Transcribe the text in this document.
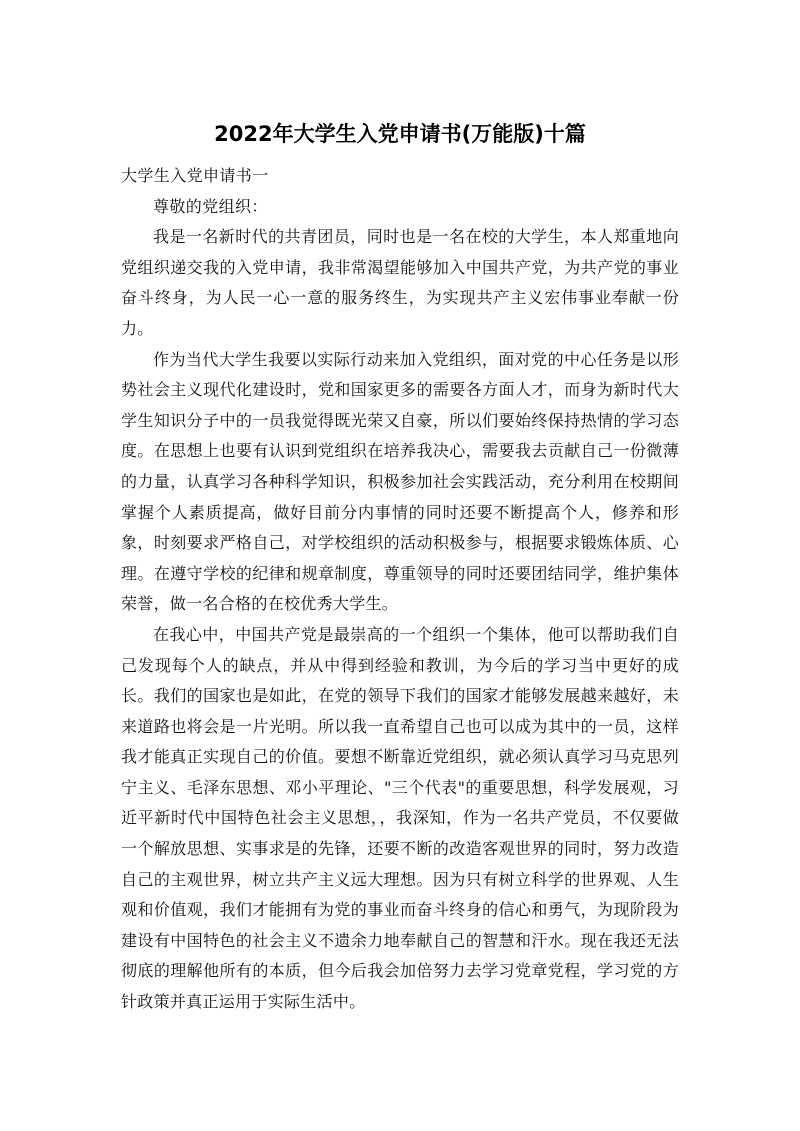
2022年大学生入党申请书(万能版)十篇

大学生入党申请书一

尊敬的党组织：

我是一名新时代的共青团员，同时也是一名在校的大学生，本人郑重地向党组织递交我的入党申请，我非常渴望能够加入中国共产党，为共产党的事业奋斗终身，为人民一心一意的服务终生，为实现共产主义宏伟事业奉献一份力。

作为当代大学生我要以实际行动来加入党组织，面对党的中心任务是以形势社会主义现代化建设时，党和国家更多的需要各方面人才，而身为新时代大学生知识分子中的一员我觉得既光荣又自豪，所以们要始终保持热情的学习态度。在思想上也要有认识到党组织在培养我决心，需要我去贡献自己一份微薄的力量，认真学习各种科学知识，积极参加社会实践活动，充分利用在校期间掌握个人素质提高，做好目前分内事情的同时还要不断提高个人，修养和形象，时刻要求严格自己，对学校组织的活动积极参与，根据要求锻炼体质、心理。在遵守学校的纪律和规章制度，尊重领导的同时还要团结同学，维护集体荣誉，做一名合格的在校优秀大学生。

在我心中，中国共产党是最崇高的一个组织一个集体，他可以帮助我们自己发现每个人的缺点，并从中得到经验和教训，为今后的学习当中更好的成长。我们的国家也是如此，在党的领导下我们的国家才能够发展越来越好，未来道路也将会是一片光明。所以我一直希望自己也可以成为其中的一员，这样我才能真正实现自己的价值。要想不断靠近党组织，就必须认真学习马克思列宁主义、毛泽东思想、邓小平理论、"三个代表"的重要思想，科学发展观，习近平新时代中国特色社会主义思想，，我深知，作为一名共产党员，不仅要做一个解放思想、实事求是的先锋，还要不断的改造客观世界的同时，努力改造自己的主观世界，树立共产主义远大理想。因为只有树立科学的世界观、人生观和价值观，我们才能拥有为党的事业而奋斗终身的信心和勇气，为现阶段为建设有中国特色的社会主义不遗余力地奉献自己的智慧和汗水。现在我还无法彻底的理解他所有的本质，但今后我会加倍努力去学习党章党程，学习党的方针政策并真正运用于实际生活中。
